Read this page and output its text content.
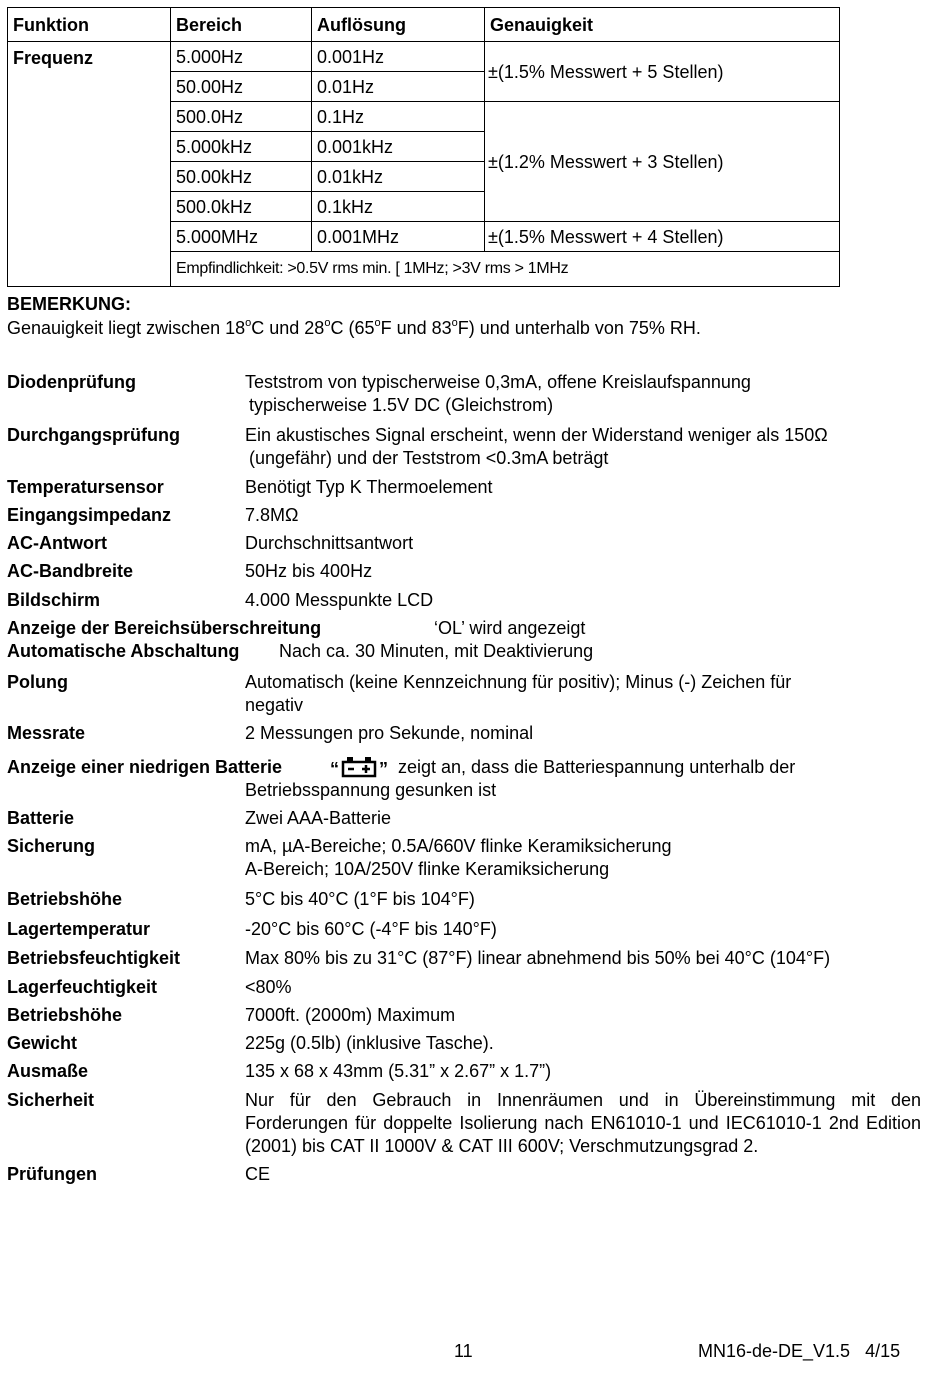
Funktion	Bereich	Auflösung	Genauigkeit
Frequenz	5.000Hz	0.001Hz	±(1.5% Messwert + 5 Stellen)
	50.00Hz	0.01Hz	
	500.0Hz	0.1Hz	±(1.2% Messwert + 3 Stellen)
	5.000kHz	0.001kHz	
	50.00kHz	0.01kHz	
	500.0kHz	0.1kHz	
	5.000MHz	0.001MHz	±(1.5% Messwert + 4 Stellen)
	Empfindlichkeit: >0.5V rms min. [ 1MHz; >3V rms > 1MHz		
BEMERKUNG:
Genauigkeit liegt zwischen 18$^o$C und 28$^o$C (65$^o$F und 83$^o$F) und unterhalb von 75% RH.
Diodenprüfung	Teststrom von typischerweise 0,3mA, offene Kreislaufspannung
typischerweise 1.5V DC (Gleichstrom)
Durchgangsprüfung	Ein akustisches Signal erscheint, wenn der Widerstand weniger als 150Ω
(ungefähr) und der Teststrom <0.3mA beträgt
Temperatursensor	Benötigt Typ K Thermoelement
Eingangsimpedanz	7.8MΩ
AC-Antwort	Durchschnittsantwort
AC-Bandbreite	50Hz bis 400Hz
Bildschirm	4.000 Messpunkte LCD
Anzeige der Bereichsüberschreitung	‘OL’ wird angezeigt
Automatische Abschaltung Nach ca. 30 Minuten, mit Deaktivierung
Polung	Automatisch (keine Kennzeichnung für positiv); Minus (-) Zeichen für
negativ
Messrate	2 Messungen pro Sekunde, nominal
Anzeige einer niedrigen Batterie	“ ” zeigt an, dass die Batteriespannung unterhalb der
Betriebsspannung gesunken ist
Batterie	Zwei AAA-Batterie
Sicherung	mA, µA-Bereiche; 0.5A/660V flinke Keramiksicherung
A-Bereich; 10A/250V flinke Keramiksicherung
Betriebshöhe	5°C bis 40°C (1°F bis 104°F)
Lagertemperatur	-20°C bis 60°C (-4°F bis 140°F)
Betriebsfeuchtigkeit	Max 80% bis zu 31°C (87°F) linear abnehmend bis 50% bei 40°C (104°F)
Lagerfeuchtigkeit	<80%
Betriebshöhe	7000ft. (2000m) Maximum
Gewicht	225g (0.5lb) (inklusive Tasche).
Ausmaße	135 x 68 x 43mm (5.31” x 2.67” x 1.7”)
Sicherheit	Nur für den Gebrauch in Innenräumen und in Übereinstimmung mit den Forderungen für doppelte Isolierung nach EN61010-1 und IEC61010-1 2nd Edition (2001) bis CAT II 1000V & CAT III 600V; Verschmutzungsgrad 2.
Prüfungen	CE
11	MN16-de-DE_V1.5   4/15
